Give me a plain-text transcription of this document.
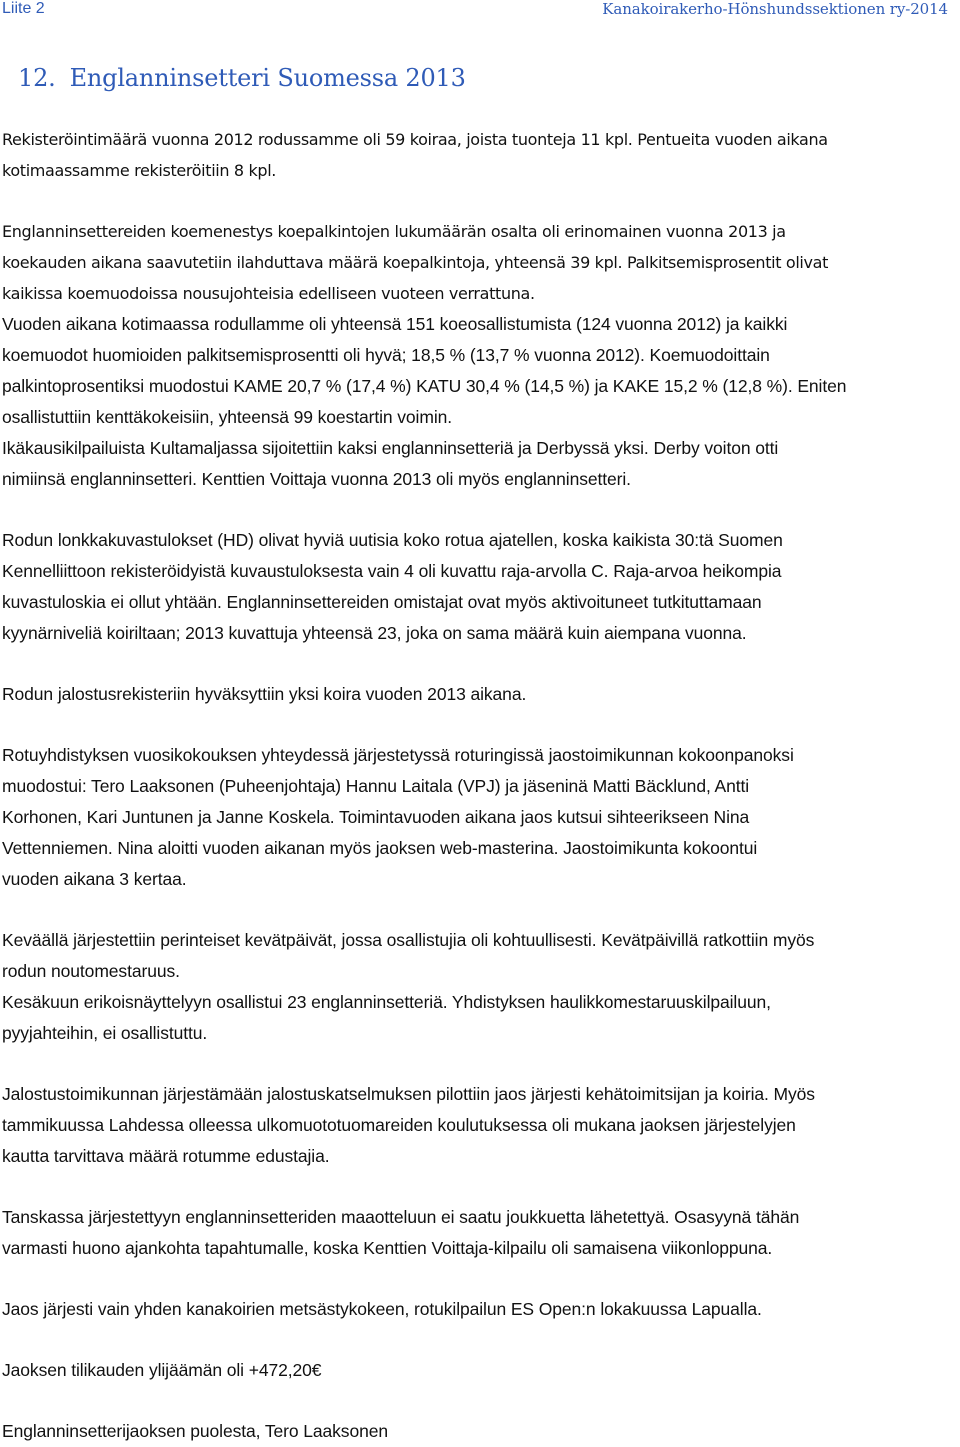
Liite 2	Kanakoirakerho-Hönshundssektionen ry-2014
12. Englanninsetteri Suomessa 2013
Rekisteröintimäärä vuonna 2012 rodussamme oli 59 koiraa, joista tuonteja 11 kpl. Pentueita vuoden aikana
kotimaassamme rekisteröitiin 8 kpl.
Englanninsettereiden koemenestys koepalkintojen lukumäärän osalta oli erinomainen vuonna 2013 ja
koekauden aikana saavutetiin ilahduttava määrä koepalkintoja, yhteensä 39 kpl. Palkitsemisprosentit olivat
kaikissa koemuodoissa nousujohteisia edelliseen vuoteen verrattuna.
Vuoden aikana kotimaassa rodullamme oli yhteensä 151 koeosallistumista (124 vuonna 2012) ja kaikki
koemuodot huomioiden palkitsemisprosentti oli hyvä; 18,5 % (13,7 % vuonna 2012). Koemuodoittain
palkintoprosentiksi muodostui KAME 20,7 % (17,4 %) KATU 30,4 % (14,5 %) ja KAKE 15,2 % (12,8 %). Eniten
osallistuttiin kenttäkokeisiin, yhteensä 99 koestartin voimin.
Ikäkausikilpailuista Kultamaljassa sijoitettiin kaksi englanninsetteriä ja Derbyssä yksi. Derby voiton otti
nimiinsä englanninsetteri. Kenttien Voittaja vuonna 2013 oli myös englanninsetteri.
Rodun lonkkakuvastulokset (HD) olivat hyviä uutisia koko rotua ajatellen, koska kaikista 30:tä Suomen
Kennelliittoon rekisteröidyistä kuvaustuloksesta vain 4 oli kuvattu raja-arvolla C. Raja-arvoa heikompia
kuvastuloskia ei ollut yhtään. Englanninsettereiden omistajat ovat myös aktivoituneet tutkituttamaan
kyynärniveliä koiriltaan; 2013 kuvattuja yhteensä 23, joka on sama määrä kuin aiempana vuonna.
Rodun jalostusrekisteriin hyväksyttiin yksi koira vuoden 2013 aikana.
Rotuyhdistyksen vuosikokouksen yhteydessä järjestetyssä roturingissä jaostoimikunnan kokoonpanoksi
muodostui: Tero Laaksonen (Puheenjohtaja) Hannu Laitala (VPJ) ja jäseninä Matti Bäcklund, Antti
Korhonen, Kari Juntunen ja Janne Koskela. Toimintavuoden aikana jaos kutsui sihteerikseen Nina
Vettenniemen. Nina aloitti vuoden aikanan myös jaoksen web-masterina. Jaostoimikunta kokoontui
vuoden aikana 3 kertaa.
Keväällä järjestettiin perinteiset kevätpäivät, jossa osallistujia oli kohtuullisesti. Kevätpäivillä ratkottiin myös
rodun noutomestaruus.
Kesäkuun erikoisnäyttelyyn osallistui 23 englanninsetteriä. Yhdistyksen haulikkomestaruuskilpailuun,
pyyjahteihin, ei osallistuttu.
Jalostustoimikunnan järjestämään jalostuskatselmuksen pilottiin jaos järjesti kehätoimitsijan ja koiria. Myös
tammikuussa Lahdessa olleessa ulkomuototuomareiden koulutuksessa oli mukana jaoksen järjestelyjen
kautta tarvittava määrä rotumme edustajia.
Tanskassa järjestettyyn englanninsetteriden maaotteluun ei saatu joukkuetta lähetettyä. Osasyynä tähän
varmasti huono ajankohta tapahtumalle, koska Kenttien Voittaja-kilpailu oli samaisena viikonloppuna.
Jaos järjesti vain yhden kanakoirien metsästykokeen, rotukilpailun ES Open:n lokakuussa Lapualla.
Jaoksen tilikauden ylijäämän oli +472,20€
Englanninsetterijaoksen puolesta, Tero Laaksonen
